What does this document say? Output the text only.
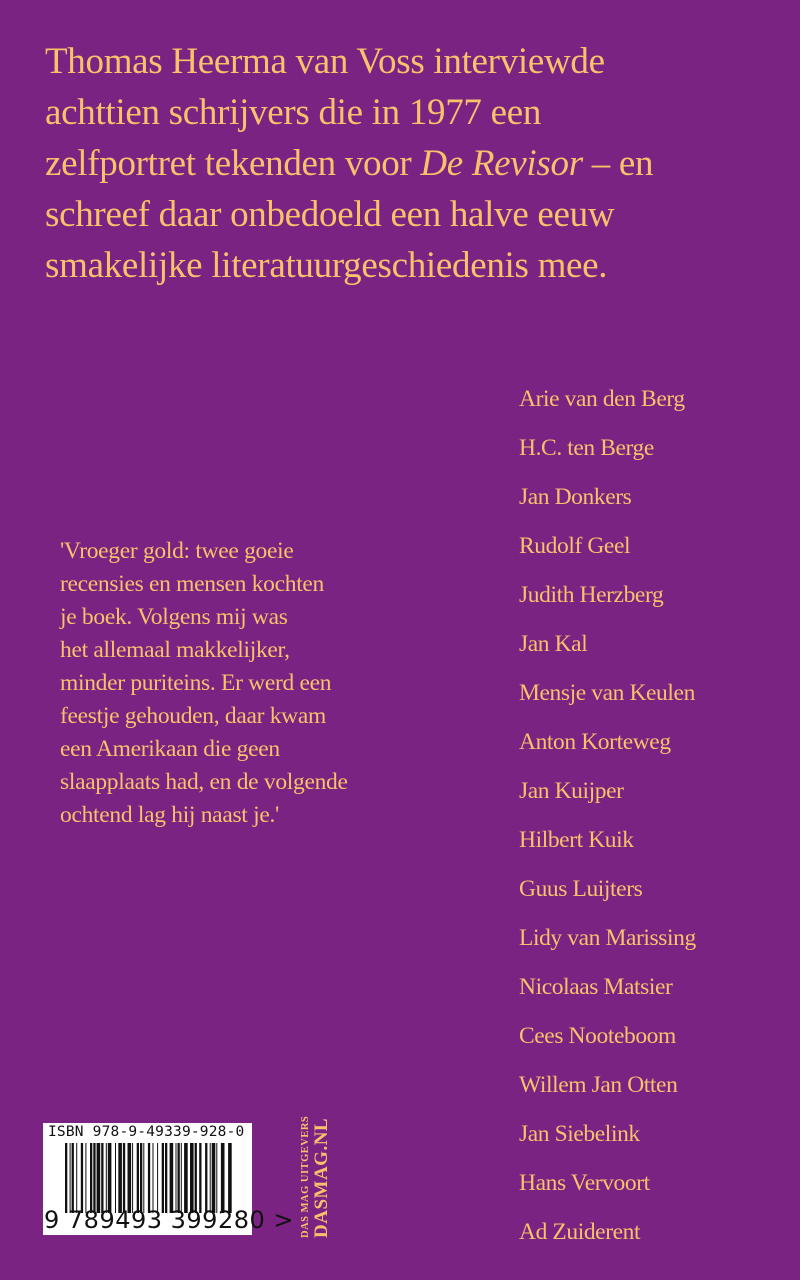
Thomas Heerma van Voss interviewde

achttien schrijvers die in 1977 een

zelfportret tekenden voor De Revisor – en

schreef daar onbedoeld een halve eeuw

smakelijke literatuurgeschiedenis mee.

'Vroeger gold: twee goeie

recensies en mensen kochten

je boek. Volgens mij was

het allemaal makkelijker,

minder puriteins. Er werd een

feestje gehouden, daar kwam

een Amerikaan die geen

slaapplaats had, en de volgende

ochtend lag hij naast je.'

Arie van den Berg
H.C. ten Berge
Jan Donkers
Rudolf Geel
Judith Herzberg
Jan Kal
Mensje van Keulen
Anton Korteweg
Jan Kuijper
Hilbert Kuik
Guus Luijters
Lidy van Marissing
Nicolaas Matsier
Cees Nooteboom
Willem Jan Otten
Jan Siebelink
Hans Vervoort
Ad Zuiderent
ISBN 978-9-49339-928-0
9 789493 399280 > DAS MAG UITGEVERS DASMAG.NL
